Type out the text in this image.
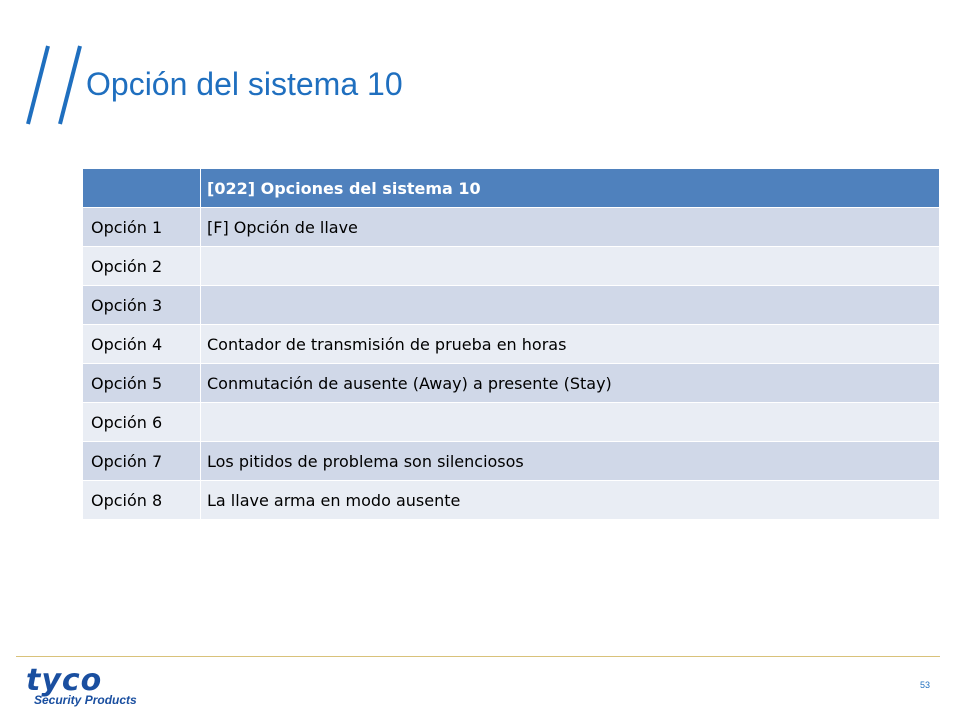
Opción del sistema 10
	[022] Opciones del sistema 10
Opción 1	[F] Opción de llave
Opción 2	
Opción 3	
Opción 4	Contador de transmisión de prueba en horas
Opción 5	Conmutación de ausente (Away) a presente (Stay)
Opción 6	
Opción 7	Los pitidos de problema son silenciosos
Opción 8	La llave arma en modo ausente
tyco
Security Products
53
